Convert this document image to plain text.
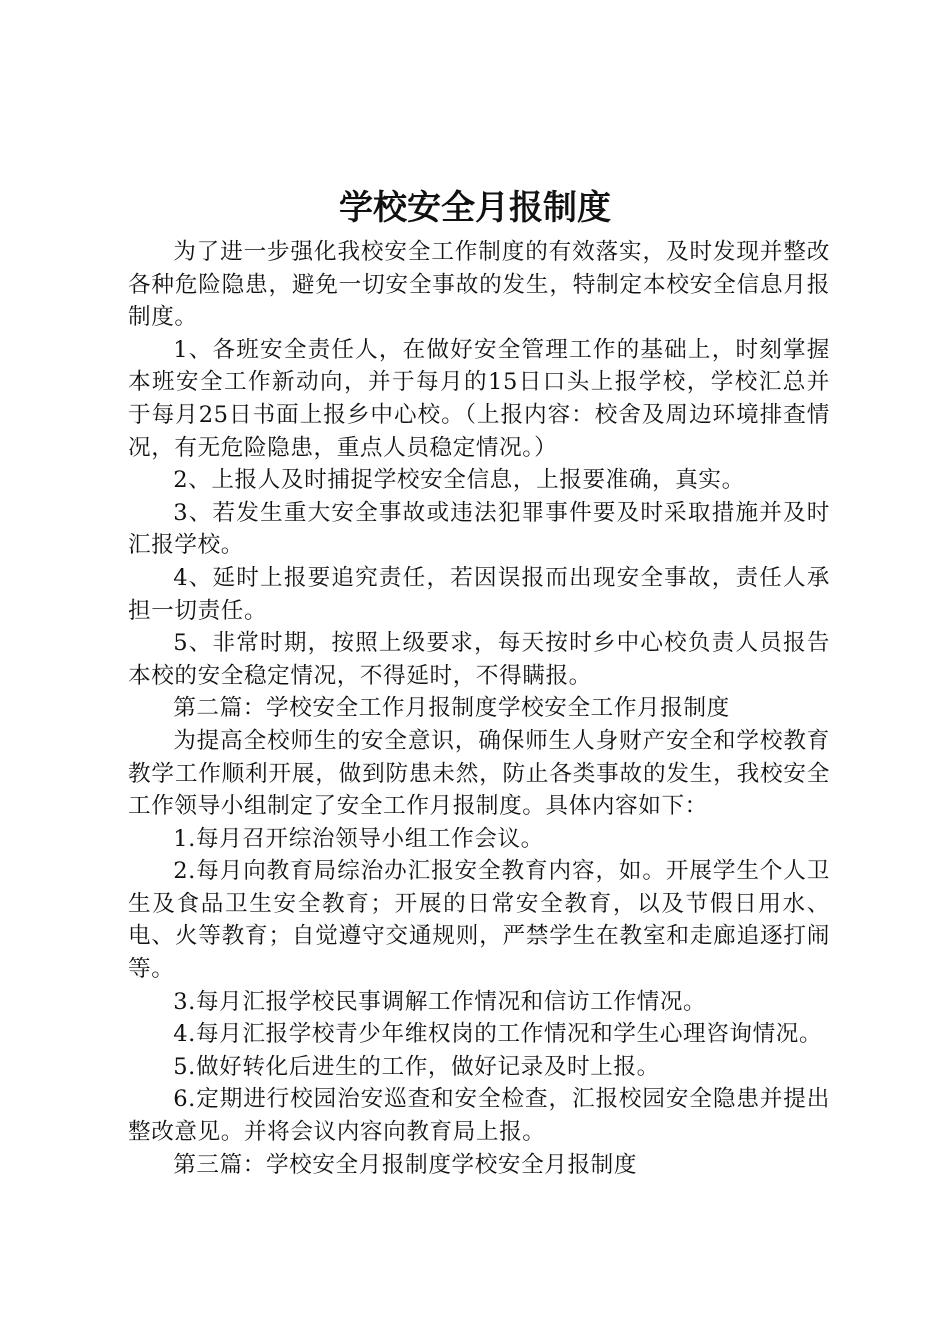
学校安全月报制度

为了进一步强化我校安全工作制度的有效落实，及时发现并整改各种危险隐患，避免一切安全事故的发生，特制定本校安全信息月报制度。

1、各班安全责任人，在做好安全管理工作的基础上，时刻掌握本班安全工作新动向，并于每月的15日口头上报学校，学校汇总并于每月25日书面上报乡中心校。（上报内容：校舍及周边环境排查情况，有无危险隐患，重点人员稳定情况。）

2、上报人及时捕捉学校安全信息，上报要准确，真实。

3、若发生重大安全事故或违法犯罪事件要及时采取措施并及时汇报学校。

4、延时上报要追究责任，若因误报而出现安全事故，责任人承担一切责任。

5、非常时期，按照上级要求，每天按时乡中心校负责人员报告本校的安全稳定情况，不得延时，不得瞒报。

第二篇：学校安全工作月报制度学校安全工作月报制度

为提高全校师生的安全意识，确保师生人身财产安全和学校教育教学工作顺利开展，做到防患未然，防止各类事故的发生，我校安全工作领导小组制定了安全工作月报制度。具体内容如下：

1.每月召开综治领导小组工作会议。

2.每月向教育局综治办汇报安全教育内容，如。开展学生个人卫生及食品卫生安全教育；开展的日常安全教育，以及节假日用水、电、火等教育；自觉遵守交通规则，严禁学生在教室和走廊追逐打闹等。

3.每月汇报学校民事调解工作情况和信访工作情况。

4.每月汇报学校青少年维权岗的工作情况和学生心理咨询情况。

5.做好转化后进生的工作，做好记录及时上报。

6.定期进行校园治安巡查和安全检查，汇报校园安全隐患并提出整改意见。并将会议内容向教育局上报。

第三篇：学校安全月报制度学校安全月报制度
